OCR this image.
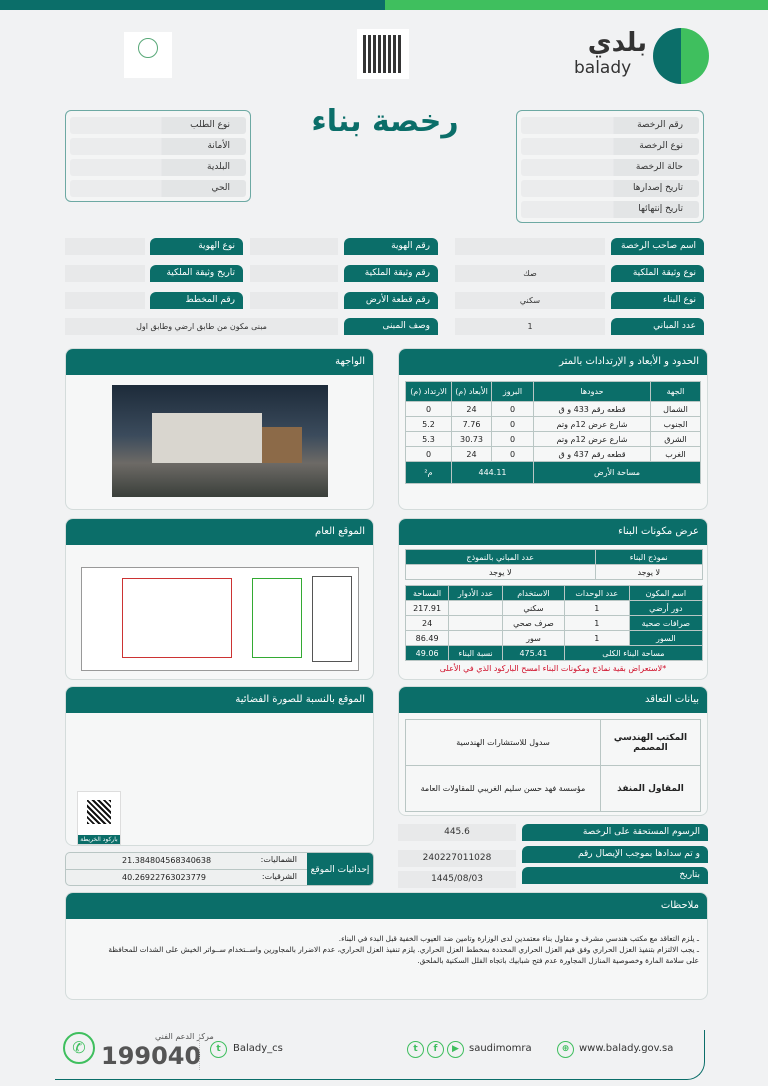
بلدي
balady
رخصة بناء	رقم الرخصة
نوع الرخصة
حالة الرخصة
تاريخ إصدارها
تاريخ إنتهائها
نوع الطلب
الأمانة
البلدية
الحي
اسم صاحب الرخصة
رقم الهوية
نوع الهوية
نوع وثيقة الملكية
صك
رقم وثيقة الملكية
تاريخ وثيقة الملكية
نوع البناء
سكني
رقم قطعة الأرض
رقم المخطط
عدد المباني
1
وصف المبنى
مبنى مكون من طابق ارضي وطابق اول
الواجهة
الموقع العام
الموقع بالنسبة للصورة الفضائية
باركود الخريطة
الحدود و الأبعاد و الإرتدادات بالمتر
الجهة	حدودها	البروز	الأبعاد (م)	الارتداد (م)
الشمال	قطعه رقم 433 و ق	0	24	0
الجنوب	شارع عرض 12م وتم	0	7.76	5.2
الشرق	شارع عرض 12م وتم	0	30.73	5.3
الغرب	قطعه رقم 437 و ق	0	24	0
مساحة الأرض		444.11		م²
عرض مكونات البناء
نموذج البناء	عدد المباني بالنموذج
لا يوجد	لا يوجد
اسم المكون	عدد الوحدات	الاستخدام	عدد الأدوار	المساحة
دور أرضي	1	سكني		217.91
صرافات صحية	1	صرف صحي		24
السور	1	سور		86.49
مساحة البناء الكلى		475.41	نسبة البناء	49.06
*لاستعراض بقية نماذج ومكونات البناء امسح الباركود الذي في الأعلى
بيانات التعاقد
المكتب الهندسي المصمم	سدول للاستشارات الهندسية
المقاول المنفذ	مؤسسة فهد حسن سليم الغريبي للمقاولات العامة
الرسوم المستحقة على الرخصة
445.6
و تم سدادها بموجب الإيصال رقم
240227011028
بتاريخ
1445/08/03
إحداثيات الموقع
الشماليات:
21.384804568340638
الشرقيات:
40.26922763023779
ملاحظات
ـ يلزم التعاقد مع مكتب هندسي مشرف و مقاول بناء معتمدين لدى الوزارة وتامين ضد العيوب الخفية قبل البدء في البناء.
ـ يجب الالتزام بتنفيذ العزل الحراري وفق قيم العزل الحراري المحددة بمخطط العزل الحراري. يلزم تنفيذ العزل الحراري، عدم الاضرار بالمجاورين واســتخدام ســواتر الخيش على الشدات للمحافظة
على سلامة المارة وخصوصية المنازل المجاورة عدم فتح شبابيك باتجاه الفلل السكنية بالملحق.
✆
مركز الدعم الفني
199040	t	Balady_cs	t	f	▶	saudimomra	⊕ www.balady.gov.sa
